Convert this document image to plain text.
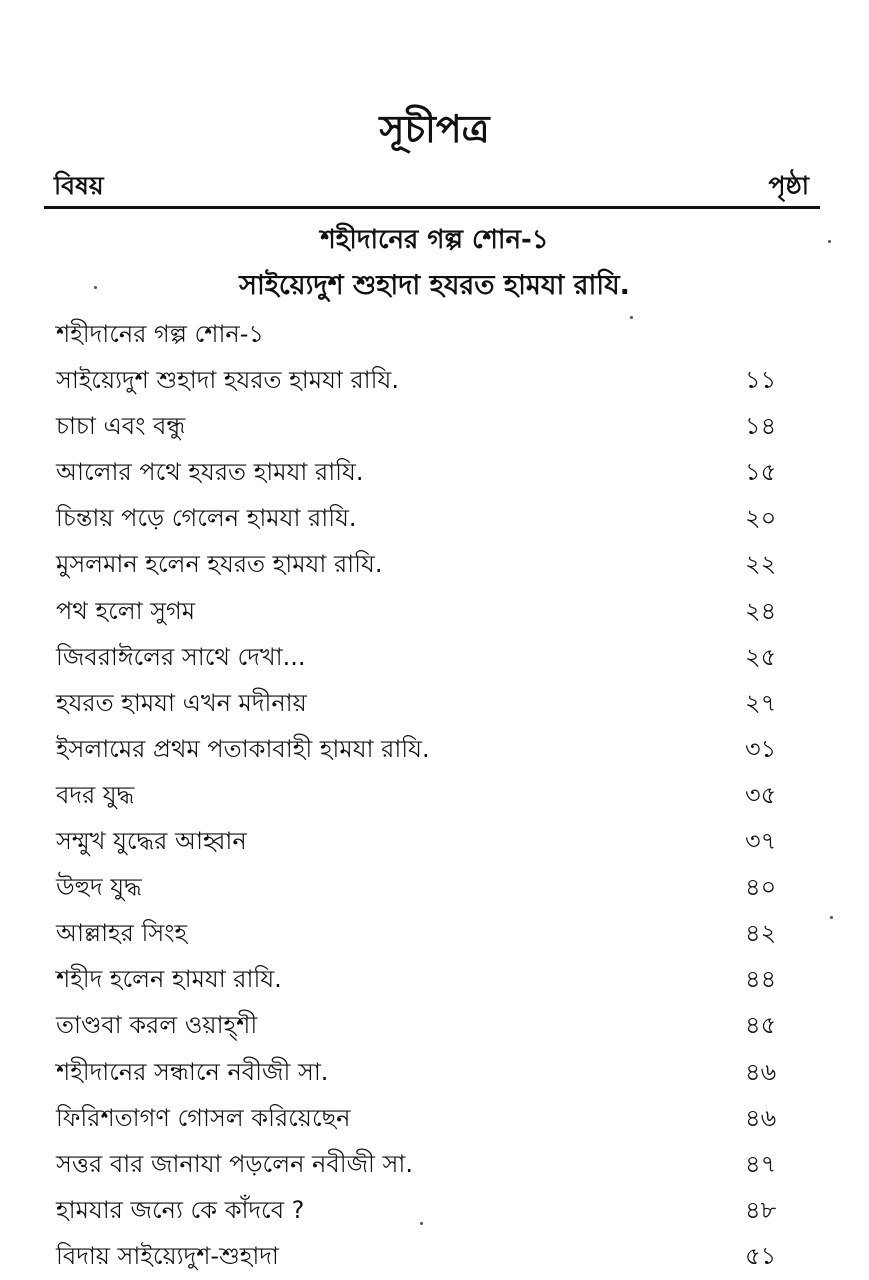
সূচীপত্র
বিষয়	পৃষ্ঠা
শহীদানের গল্প শোন-১
সাইয়্যেদুশ শুহাদা হযরত হামযা রাযি.
শহীদানের গল্প শোন-১
সাইয়্যেদুশ শুহাদা হযরত হামযা রাযি.	১১
চাচা এবং বন্ধু	১৪
আলোর পথে হযরত হামযা রাযি.	১৫
চিন্তায় পড়ে গেলেন হামযা রাযি.	২০
মুসলমান হলেন হযরত হামযা রাযি.	২২
পথ হলো সুগম	২৪
জিবরাঈলের সাথে দেখা...	২৫
হযরত হামযা এখন মদীনায়	২৭
ইসলামের প্রথম পতাকাবাহী হামযা রাযি.	৩১
বদর যুদ্ধ	৩৫
সম্মুখ যুদ্ধের আহ্বান	৩৭
উহুদ যুদ্ধ	৪০
আল্লাহর সিংহ	৪২
শহীদ হলেন হামযা রাযি.	৪৪
তাণ্ডবা করল ওয়াহ্‌শী	৪৫
শহীদানের সন্ধানে নবীজী সা.	৪৬
ফিরিশতাগণ গোসল করিয়েছেন	৪৬
সত্তর বার জানাযা পড়লেন নবীজী সা.	৪৭
হামযার জন্যে কে কাঁদবে ?	৪৮
বিদায় সাইয়্যেদুশ-শুহাদা	৫১
